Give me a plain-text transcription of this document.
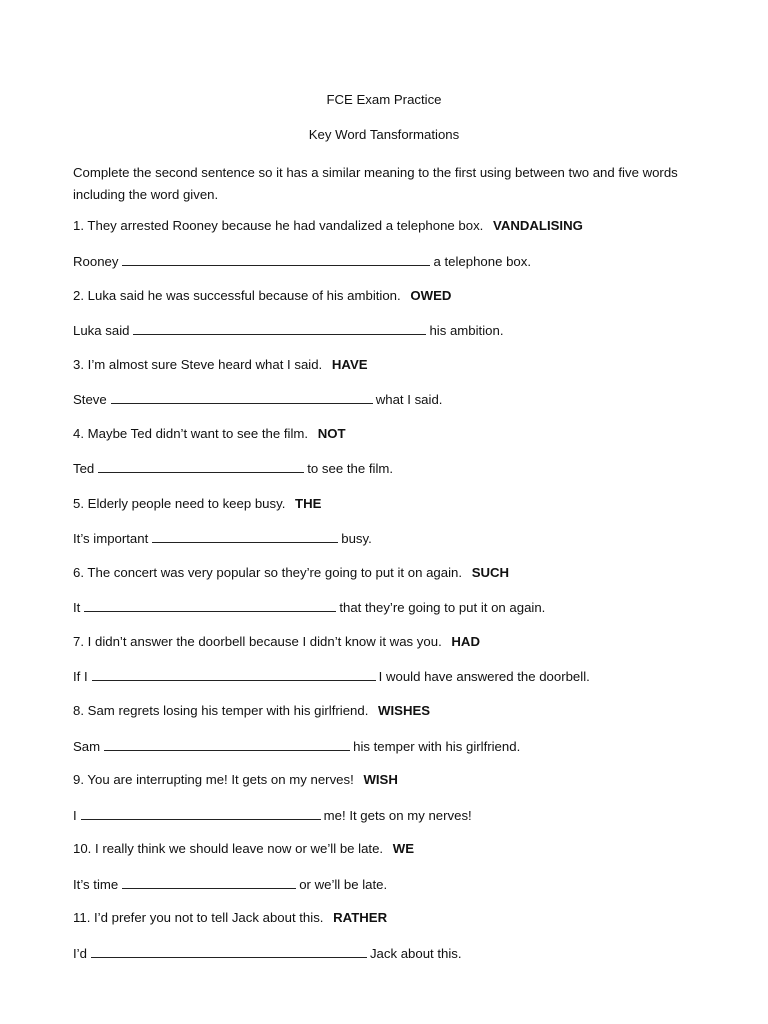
FCE Exam Practice
Key Word Tansformations
Complete the second sentence so it has a similar meaning to the first using between two and five words including the word given.
1. They arrested Rooney because he had vandalized a telephone box. VANDALISING
Rooney	a telephone box.
2. Luka said he was successful because of his ambition. OWED
Luka said	his ambition.
3. I’m almost sure Steve heard what I said. HAVE
Steve	what I said.
4. Maybe Ted didn’t want to see the film. NOT
Ted	to see the film.
5. Elderly people need to keep busy. THE
It’s important	busy.
6. The concert was very popular so they’re going to put it on again. SUCH
It	that they’re going to put it on again.
7. I didn’t answer the doorbell because I didn’t know it was you. HAD
If I	I would have answered the doorbell.
8. Sam regrets losing his temper with his girlfriend. WISHES
Sam	his temper with his girlfriend.
9. You are interrupting me! It gets on my nerves! WISH
I	me! It gets on my nerves!
10. I really think we should leave now or we’ll be late. WE
It’s time	or we’ll be late.
11. I’d prefer you not to tell Jack about this. RATHER
I’d	Jack about this.
